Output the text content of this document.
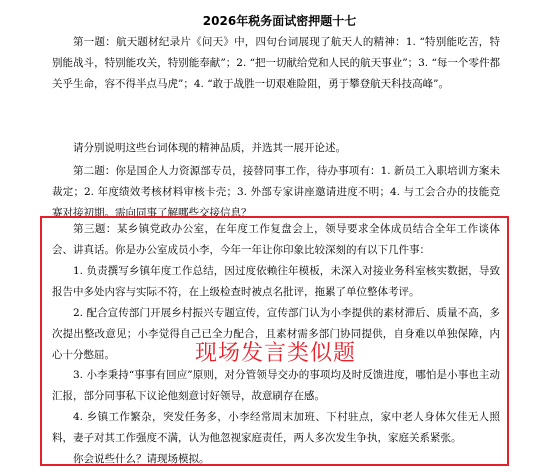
2026年税务面试密押题十七

第一题：航天题材纪录片《问天》中，四句台词展现了航天人的精神：1. “特别能吃苦，特别能战斗，特别能攻关，特别能奉献”；2. “把一切献给党和人民的航天事业”；3. “每一个零件都关乎生命，容不得半点马虎”；4. “敢于战胜一切艰难险阻，勇于攀登航天科技高峰”。

请分别说明这些台词体现的精神品质，并选其一展开论述。

第二题：你是国企人力资源部专员，接替同事工作，待办事项有：1. 新员工入职培训方案未裁定；2. 年度绩效考核材料审核卡壳；3. 外部专家讲座邀请进度不明；4. 与工会合办的技能竞赛对接初期。需向同事了解哪些交接信息？

第三题：某乡镇党政办公室，在年度工作复盘会上，领导要求全体成员结合全年工作谈体会、讲真话。你是办公室成员小李，今年一年让你印象比较深刻的有以下几件事：

1. 负责撰写乡镇年度工作总结，因过度依赖往年模板，未深入对接业务科室核实数据，导致报告中多处内容与实际不符，在上级检查时被点名批评，拖累了单位整体考评。

2. 配合宣传部门开展乡村振兴专题宣传，宣传部门认为小李提供的素材滞后、质量不高，多次提出整改意见；小李觉得自己已全力配合，且素材需多部门协同提供，自身难以单独保障，内心十分憋屈。

3. 小李秉持“事事有回应”原则，对分管领导交办的事项均及时反馈进度，哪怕是小事也主动汇报，部分同事私下议论他刻意讨好领导，故意刷存在感。

4. 乡镇工作繁杂，突发任务多，小李经常周末加班、下村驻点，家中老人身体欠佳无人照料，妻子对其工作强度不满，认为他忽视家庭责任，两人多次发生争执，家庭关系紧张。

你会说些什么？请现场模拟。

现场发言类似题
